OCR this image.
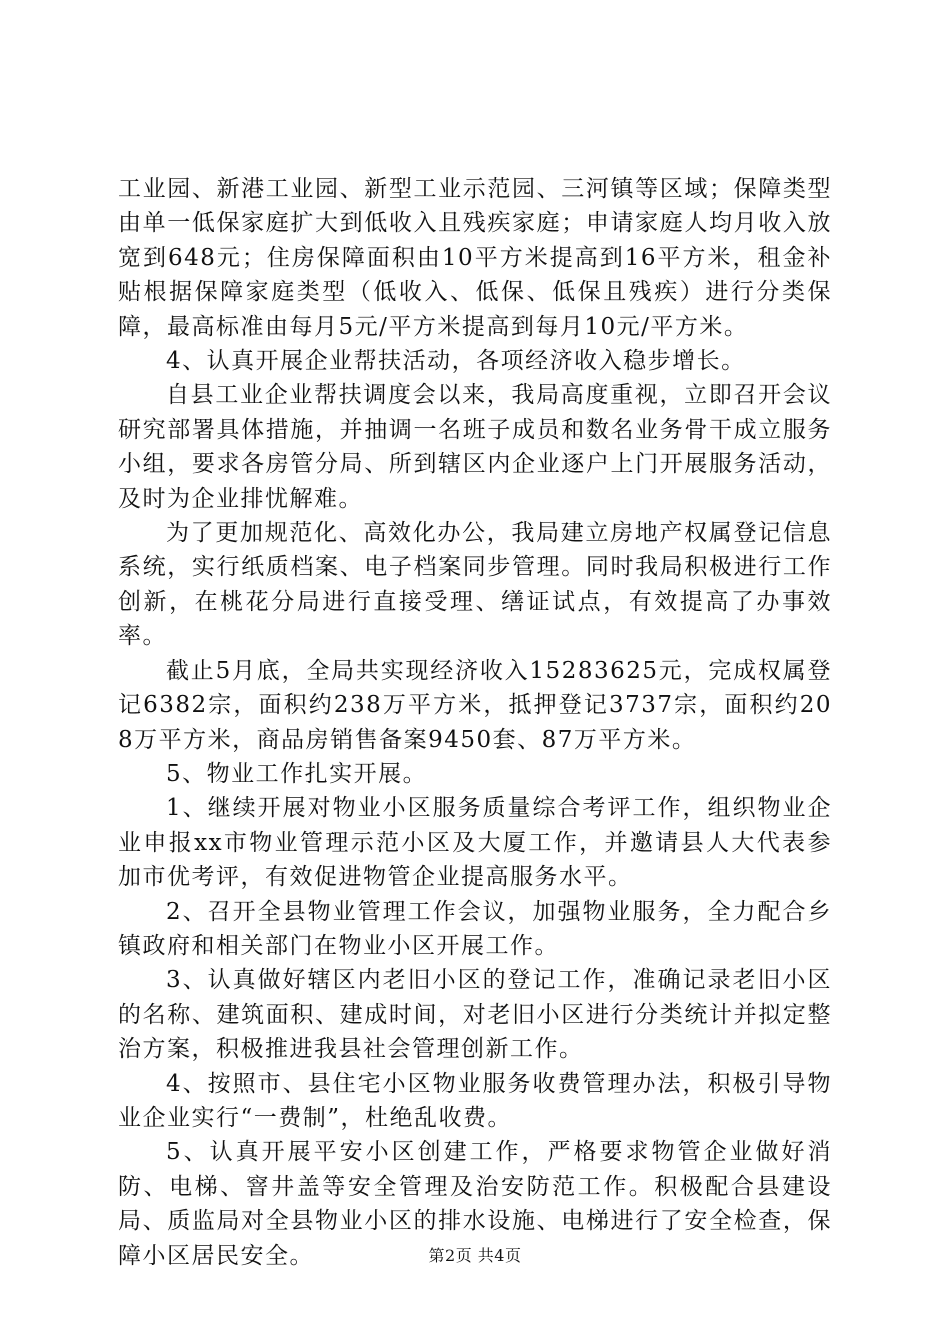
工业园、新港工业园、新型工业示范园、三河镇等区域；保障类型由单一低保家庭扩大到低收入且残疾家庭；申请家庭人均月收入放宽到648元；住房保障面积由10平方米提高到16平方米，租金补贴根据保障家庭类型（低收入、低保、低保且残疾）进行分类保障，最高标准由每月5元/平方米提高到每月10元/平方米。

4、认真开展企业帮扶活动，各项经济收入稳步增长。

自县工业企业帮扶调度会以来，我局高度重视，立即召开会议研究部署具体措施，并抽调一名班子成员和数名业务骨干成立服务小组，要求各房管分局、所到辖区内企业逐户上门开展服务活动，及时为企业排忧解难。

为了更加规范化、高效化办公，我局建立房地产权属登记信息系统，实行纸质档案、电子档案同步管理。同时我局积极进行工作创新，在桃花分局进行直接受理、缮证试点，有效提高了办事效率。

截止5月底，全局共实现经济收入15283625元，完成权属登记6382宗，面积约238万平方米，抵押登记3737宗，面积约208万平方米，商品房销售备案9450套、87万平方米。

5、物业工作扎实开展。

1、继续开展对物业小区服务质量综合考评工作，组织物业企业申报xx市物业管理示范小区及大厦工作，并邀请县人大代表参加市优考评，有效促进物管企业提高服务水平。

2、召开全县物业管理工作会议，加强物业服务，全力配合乡镇政府和相关部门在物业小区开展工作。

3、认真做好辖区内老旧小区的登记工作，准确记录老旧小区的名称、建筑面积、建成时间，对老旧小区进行分类统计并拟定整治方案，积极推进我县社会管理创新工作。

4、按照市、县住宅小区物业服务收费管理办法，积极引导物业企业实行“一费制”，杜绝乱收费。

5、认真开展平安小区创建工作，严格要求物管企业做好消防、电梯、窨井盖等安全管理及治安防范工作。积极配合县建设局、质监局对全县物业小区的排水设施、电梯进行了安全检查，保障小区居民安全。	第2页 共4页
